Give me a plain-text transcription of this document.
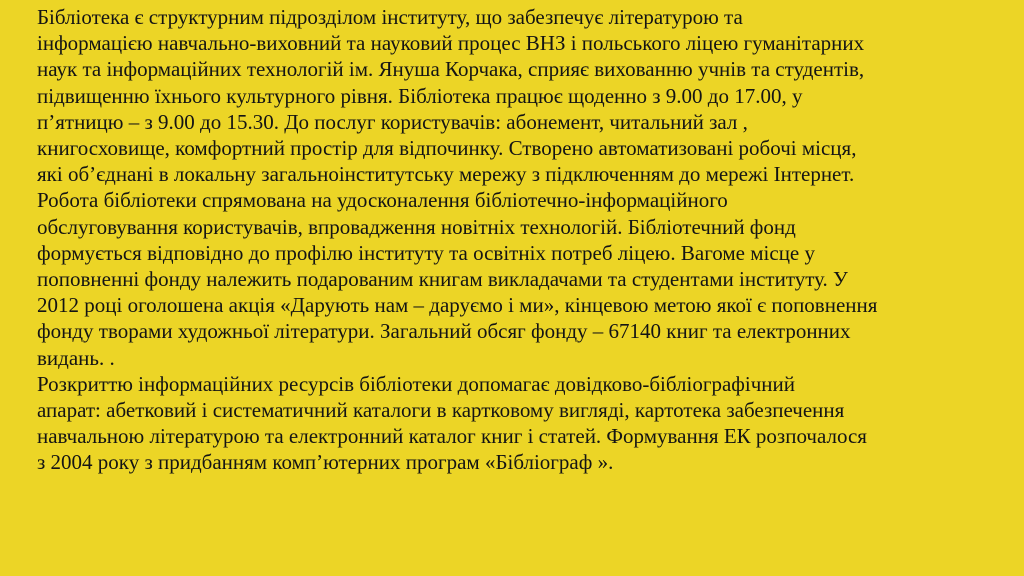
Бібліотека є структурним підрозділом інституту, що забезпечує літературою та
інформацією навчально-виховний та науковий процес ВНЗ і польського ліцею гуманітарних
наук та інформаційних технологій ім. Януша Корчака, сприяє вихованню учнів та студентів,
підвищенню їхнього культурного рівня. Бібліотека працює щоденно з 9.00 до 17.00, у
п’ятницю – з 9.00 до 15.30. До послуг користувачів: абонемент, читальний зал ,
книгосховище, комфортний простір для відпочинку. Створено автоматизовані робочі місця,
які об’єднані в локальну загальноінститутську мережу з підключенням до мережі Інтернет.

Робота бібліотеки спрямована на удосконалення бібліотечно-інформаційного
обслуговування користувачів, впровадження новітніх технологій. Бібліотечний фонд
формується відповідно до профілю інституту та освітніх потреб ліцею. Вагоме місце у
поповненні фонду належить подарованим книгам викладачами та студентами інституту. У
2012 році оголошена акція «Дарують нам – даруємо і ми», кінцевою метою якої є поповнення
фонду творами художньої літератури. Загальний обсяг фонду – 67140 книг та електронних
видань. .

Розкриттю інформаційних ресурсів бібліотеки допомагає довідково-бібліографічний
апарат: абетковий і систематичний каталоги в картковому вигляді, картотека забезпечення
навчальною літературою та електронний каталог книг і статей. Формування ЕК розпочалося
з 2004 року з придбанням комп’ютерних програм «Бібліограф ».
